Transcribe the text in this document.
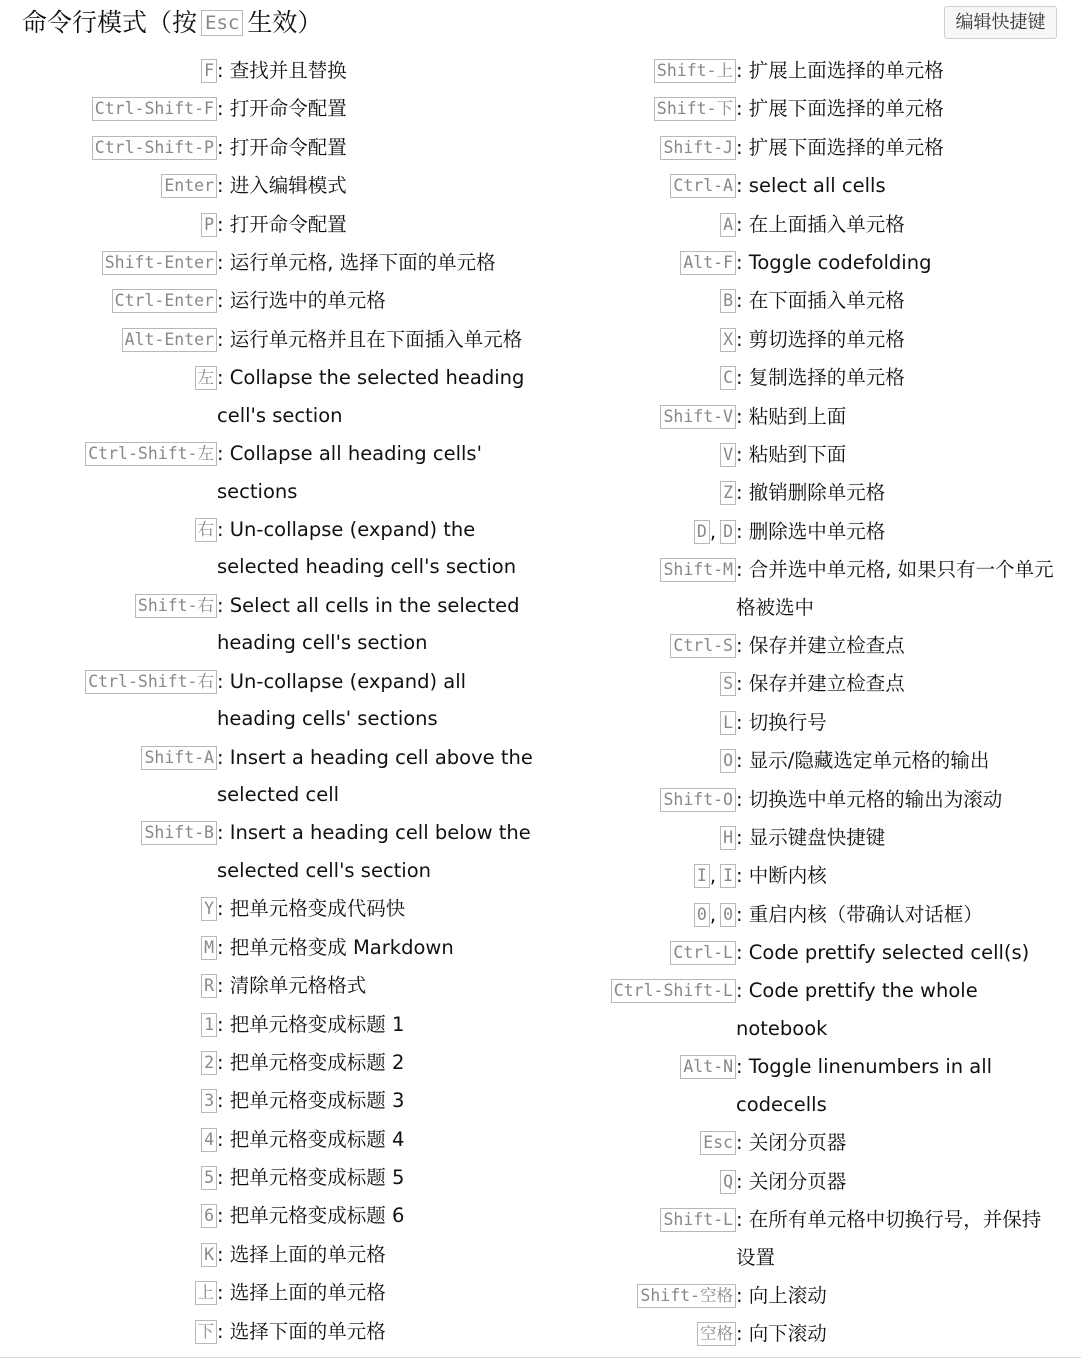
命令行模式（按 Esc 生效）	编辑快捷键
F : 查找并且替换
Ctrl-Shift-F : 打开命令配置
Ctrl-Shift-P : 打开命令配置
Enter : 进入编辑模式
P : 打开命令配置
Shift-Enter : 运行单元格, 选择下面的单元格
Ctrl-Enter : 运行选中的单元格
Alt-Enter : 运行单元格并且在下面插入单元格
左 : Collapse the selected heading cell's section
Ctrl-Shift-左 : Collapse all heading cells' sections
右 : Un-collapse (expand) the selected heading cell's section
Shift-右 : Select all cells in the selected heading cell's section
Ctrl-Shift-右 : Un-collapse (expand) all heading cells' sections
Shift-A : Insert a heading cell above the selected cell
Shift-B : Insert a heading cell below the selected cell's section
Y : 把单元格变成代码快
M : 把单元格变成 Markdown
R : 清除单元格格式
1 : 把单元格变成标题 1
2 : 把单元格变成标题 2
3 : 把单元格变成标题 3
4 : 把单元格变成标题 4
5 : 把单元格变成标题 5
6 : 把单元格变成标题 6
K : 选择上面的单元格
上 : 选择上面的单元格
下 : 选择下面的单元格
Shift-上 : 扩展上面选择的单元格
Shift-下 : 扩展下面选择的单元格
Shift-J : 扩展下面选择的单元格
Ctrl-A : select all cells
A : 在上面插入单元格
Alt-F : Toggle codefolding
B : 在下面插入单元格
X : 剪切选择的单元格
C : 复制选择的单元格
Shift-V : 粘贴到上面
V : 粘贴到下面
Z : 撤销删除单元格
D , D : 删除选中单元格
Shift-M : 合并选中单元格, 如果只有一个单元格被选中
Ctrl-S : 保存并建立检查点
S : 保存并建立检查点
L : 切换行号
O : 显示/隐藏选定单元格的输出
Shift-O : 切换选中单元格的输出为滚动
H : 显示键盘快捷键
I , I : 中断内核
0 , 0 : 重启内核（带确认对话框）
Ctrl-L : Code prettify selected cell(s)
Ctrl-Shift-L : Code prettify the whole notebook
Alt-N : Toggle linenumbers in all codecells
Esc : 关闭分页器
Q : 关闭分页器
Shift-L : 在所有单元格中切换行号，并保持设置
Shift-空格 : 向上滚动
空格 : 向下滚动
